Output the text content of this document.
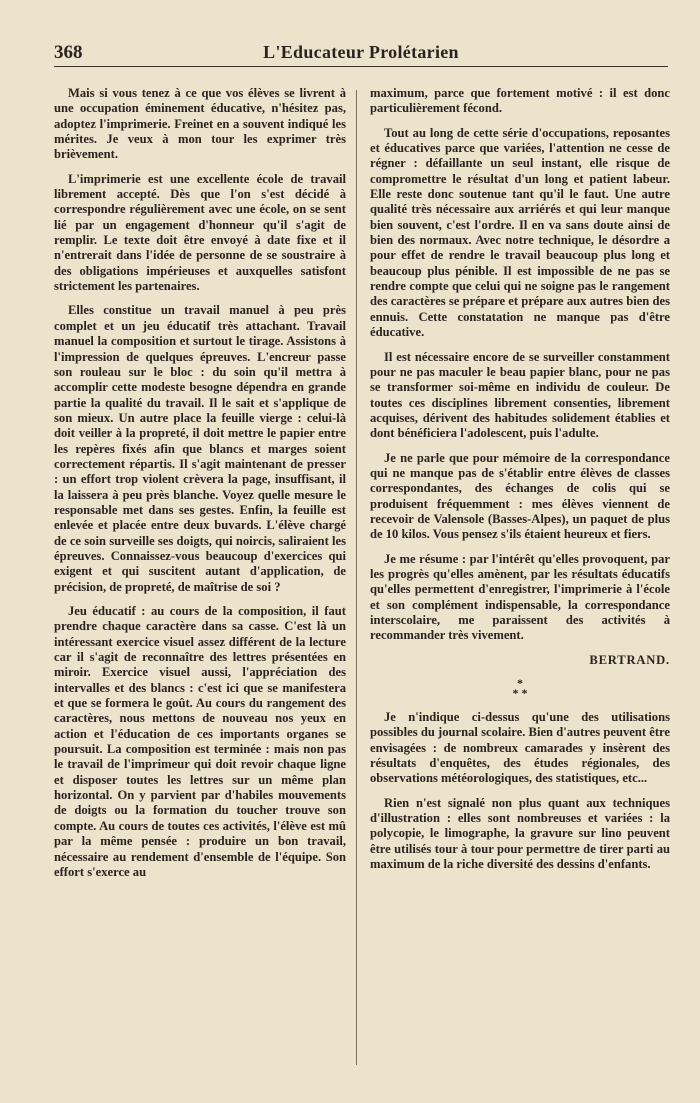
368	L'Educateur Prolétarien

Mais si vous tenez à ce que vos élèves se livrent à une occupation éminement éducative, n'hésitez pas, adoptez l'imprimerie. Freinet en a souvent indiqué les mérites. Je veux à mon tour les exprimer très brièvement.

L'imprimerie est une excellente école de travail librement accepté. Dès que l'on s'est décidé à correspondre régulièrement avec une école, on se sent lié par un engagement d'honneur qu'il s'agit de remplir. Le texte doit être envoyé à date fixe et il n'entrerait dans l'idée de personne de se soustraire à des obligations impérieuses et auxquelles satisfont strictement les partenaires.

Elles constitue un travail manuel à peu près complet et un jeu éducatif très attachant. Travail manuel la composition et surtout le tirage. Assistons à l'impression de quelques épreuves. L'encreur passe son rouleau sur le bloc : du soin qu'il mettra à accomplir cette modeste besogne dépendra en grande partie la qualité du travail. Il le sait et s'applique de son mieux. Un autre place la feuille vierge : celui-là doit veiller à la propreté, il doit mettre le papier entre les repères fixés afin que blancs et marges soient correctement répartis. Il s'agit maintenant de presser : un effort trop violent crèvera la page, insuffisant, il la laissera à peu près blanche. Voyez quelle mesure le responsable met dans ses gestes. Enfin, la feuille est enlevée et placée entre deux buvards. L'élève chargé de ce soin surveille ses doigts, qui noircis, saliraient les épreuves. Connaissez-vous beaucoup d'exercices qui exigent et qui suscitent autant d'application, de précision, de propreté, de maîtrise de soi ?

Jeu éducatif : au cours de la composition, il faut prendre chaque caractère dans sa casse. C'est là un intéressant exercice visuel assez différent de la lecture car il s'agit de reconnaître des lettres présentées en miroir. Exercice visuel aussi, l'appréciation des intervalles et des blancs : c'est ici que se manifestera et que se formera le goût. Au cours du rangement des caractères, nous mettons de nouveau nos yeux en action et l'éducation de ces importants organes se poursuit. La composition est terminée : mais non pas le travail de l'imprimeur qui doit revoir chaque ligne et disposer toutes les lettres sur un même plan horizontal. On y parvient par d'habiles mouvements de doigts ou la formation du toucher trouve son compte. Au cours de toutes ces activités, l'élève est mû par la même pensée : produire un bon travail, nécessaire au rendement d'ensemble de l'équipe. Son effort s'exerce au

maximum, parce que fortement motivé : il est donc particulièrement fécond.

Tout au long de cette série d'occupations, reposantes et éducatives parce que variées, l'attention ne cesse de régner : défaillante un seul instant, elle risque de compromettre le résultat d'un long et patient labeur. Elle reste donc soutenue tant qu'il le faut. Une autre qualité très nécessaire aux arriérés et qui leur manque bien souvent, c'est l'ordre. Il en va sans doute ainsi de bien des normaux. Avec notre technique, le désordre a pour effet de rendre le travail beaucoup plus long et beaucoup plus pénible. Il est impossible de ne pas se rendre compte que celui qui ne soigne pas le rangement des caractères se prépare et prépare aux autres bien des ennuis. Cette constatation ne manque pas d'être éducative.

Il est nécessaire encore de se surveiller constamment pour ne pas maculer le beau papier blanc, pour ne pas se transformer soi-même en individu de couleur. De toutes ces disciplines librement consenties, librement acquises, dérivent des habitudes solidement établies et dont bénéficiera l'adolescent, puis l'adulte.

Je ne parle que pour mémoire de la correspondance qui ne manque pas de s'établir entre élèves de classes correspondantes, des échanges de colis qui se produisent fréquemment : mes élèves viennent de recevoir de Valensole (Basses-Alpes), un paquet de plus de 10 kilos. Vous pensez s'ils étaient heureux et fiers.

Je me résume : par l'intérêt qu'elles provoquent, par les progrès qu'elles amènent, par les résultats éducatifs qu'elles permettent d'enregistrer, l'imprimerie à l'école et son complément indispensable, la correspondance interscolaire, me paraissent des activités à recommander très vivement.

BERTRAND.
*
* *

Je n'indique ci-dessus qu'une des utilisations possibles du journal scolaire. Bien d'autres peuvent être envisagées : de nombreux camarades y insèrent des résultats d'enquêtes, des études régionales, des observations météorologiques, des statistiques, etc...

Rien n'est signalé non plus quant aux techniques d'illustration : elles sont nombreuses et variées : la polycopie, le limographe, la gravure sur lino peuvent être utilisés tour à tour pour permettre de tirer parti au maximum de la riche diversité des dessins d'enfants.
